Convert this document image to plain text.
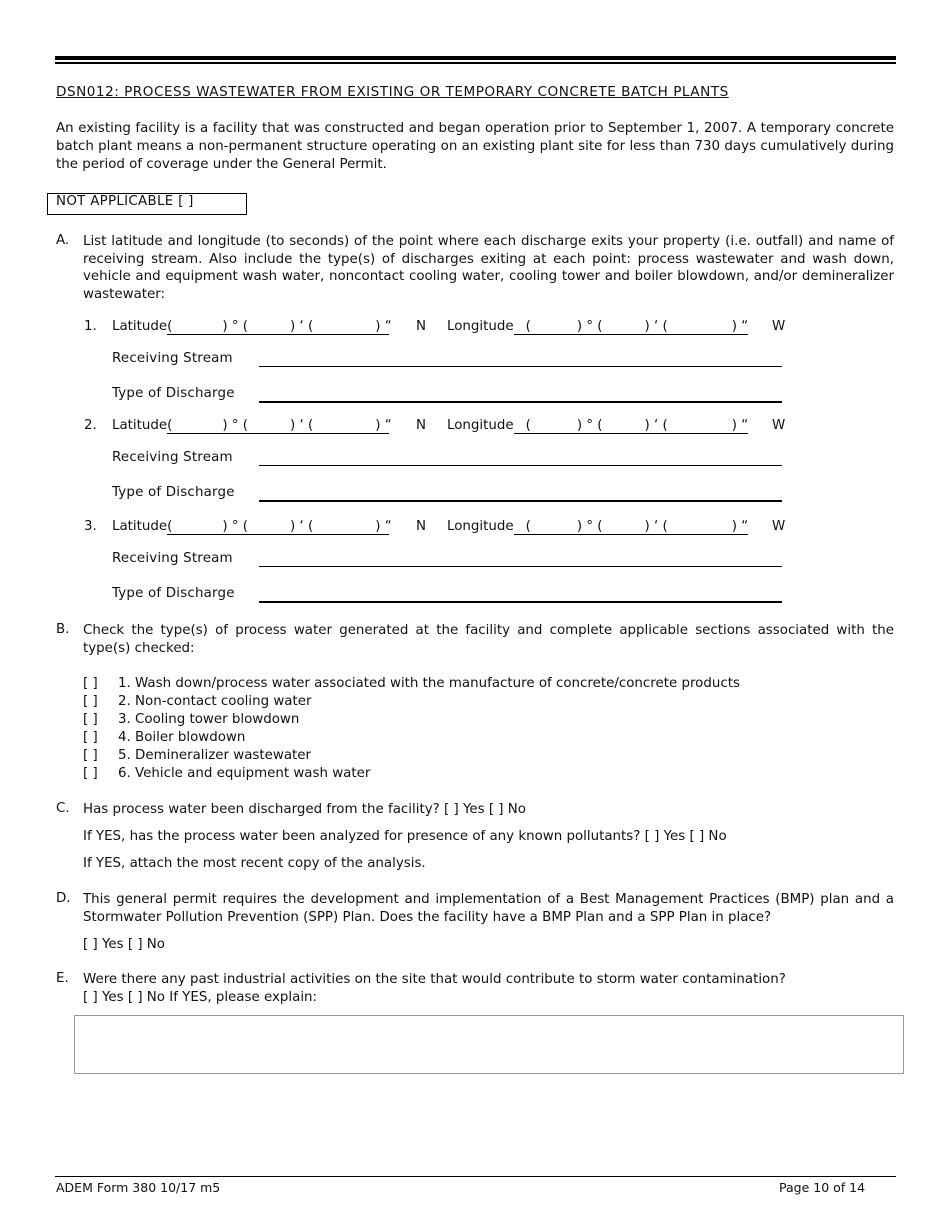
DSN012: PROCESS WASTEWATER FROM EXISTING OR TEMPORARY CONCRETE BATCH PLANTS
An existing facility is a facility that was constructed and began operation prior to September 1, 2007. A temporary concrete batch plant means a non-permanent structure operating on an existing plant site for less than 730 days cumulatively during the period of coverage under the General Permit.
NOT APPLICABLE [ ]
A. List latitude and longitude (to seconds) of the point where each discharge exits your property (i.e. outfall) and name of receiving stream. Also include the type(s) of discharges exiting at each point: process wastewater and wash down, vehicle and equipment wash water, noncontact cooling water, cooling tower and boiler blowdown, and/or demineralizer wastewater:
1. Latitude(	) ° (	) ‘ (	) “ N Longitude (	) ° (	) ‘ (	) “ W
Receiving Stream
Type of Discharge
2. Latitude(	) ° (	) ‘ (	) “ N Longitude (	) ° (	) ‘ (	) “ W
Receiving Stream
Type of Discharge
3. Latitude(	) ° (	) ‘ (	) “ N Longitude (	) ° (	) ‘ (	) “ W
Receiving Stream
Type of Discharge
B. Check the type(s) of process water generated at the facility and complete applicable sections associated with the type(s) checked:
[ ] 1. Wash down/process water associated with the manufacture of concrete/concrete products
[ ] 2. Non-contact cooling water
[ ] 3. Cooling tower blowdown
[ ] 4. Boiler blowdown
[ ] 5. Demineralizer wastewater
[ ] 6. Vehicle and equipment wash water
C. Has process water been discharged from the facility? [ ] Yes [ ] No
If YES, has the process water been analyzed for presence of any known pollutants? [ ] Yes [ ] No
If YES, attach the most recent copy of the analysis.
D. This general permit requires the development and implementation of a Best Management Practices (BMP) plan and a Stormwater Pollution Prevention (SPP) Plan. Does the facility have a BMP Plan and a SPP Plan in place?
[ ] Yes [ ] No
E. Were there any past industrial activities on the site that would contribute to storm water contamination?
[ ] Yes [ ] No If YES, please explain:
ADEM Form 380 10/17 m5	Page 10 of 14
